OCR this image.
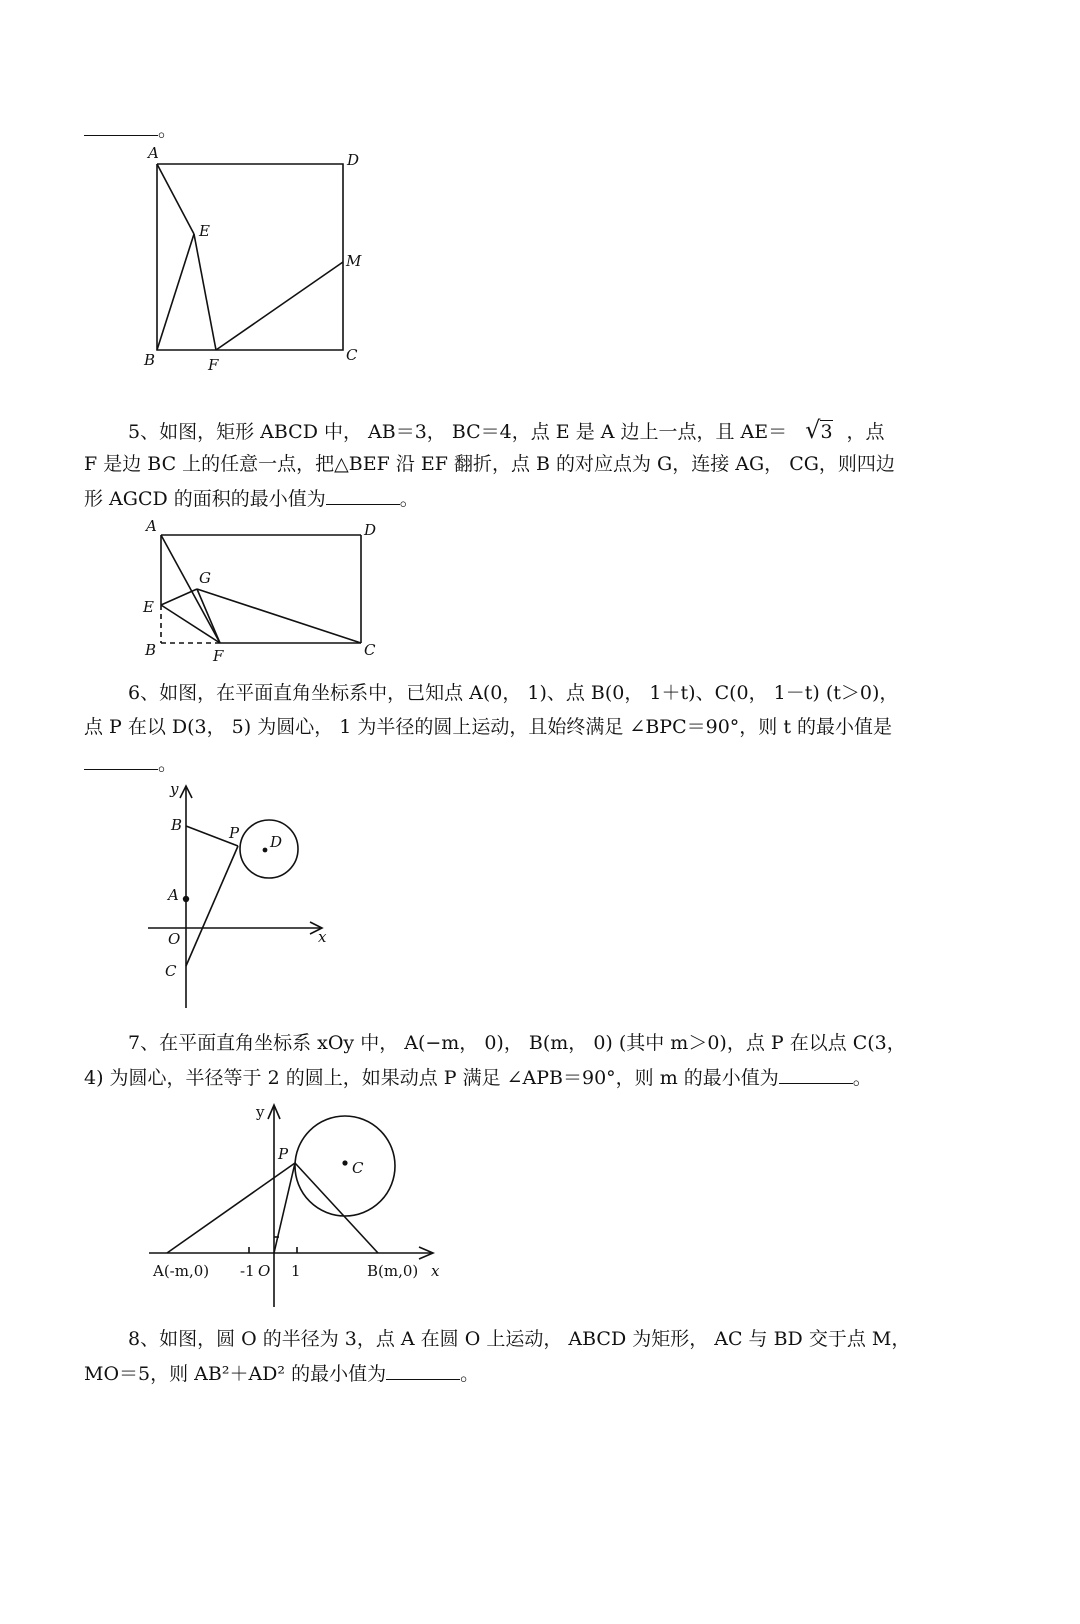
。
A	D
E
M
B	F
C
5、如图，矩形 ABCD 中， AB＝3， BC＝4，点 E 是 A 边上一点，且 AE＝ √3 ，点
F 是边 BC 上的任意一点，把△BEF 沿 EF 翻折，点 B 的对应点为 G，连接 AG， CG，则四边
形 AGCD 的面积的最小值为	。
A	D
G
E
B	F	C
6、如图，在平面直角坐标系中，已知点 A(0， 1)、点 B(0， 1＋t)、C(0， 1－t) (t＞0)，
点 P 在以 D(3， 5) 为圆心， 1 为半径的圆上运动，且始终满足 ∠BPC＝90°，则 t 的最小值是
。
y
x
B	P D
A
O
C
7、在平面直角坐标系 xOy 中， A(−m， 0)， B(m， 0) (其中 m＞0)，点 P 在以点 C(3，
4) 为圆心，半径等于 2 的圆上，如果动点 P 满足 ∠APB＝90°，则 m 的最小值为	。
y
x
P
C
A(-m,0) -1 O 1	B(m,0)
8、如图，圆 O 的半径为 3，点 A 在圆 O 上运动， ABCD 为矩形， AC 与 BD 交于点 M，
MO＝5，则 AB²＋AD² 的最小值为	。
